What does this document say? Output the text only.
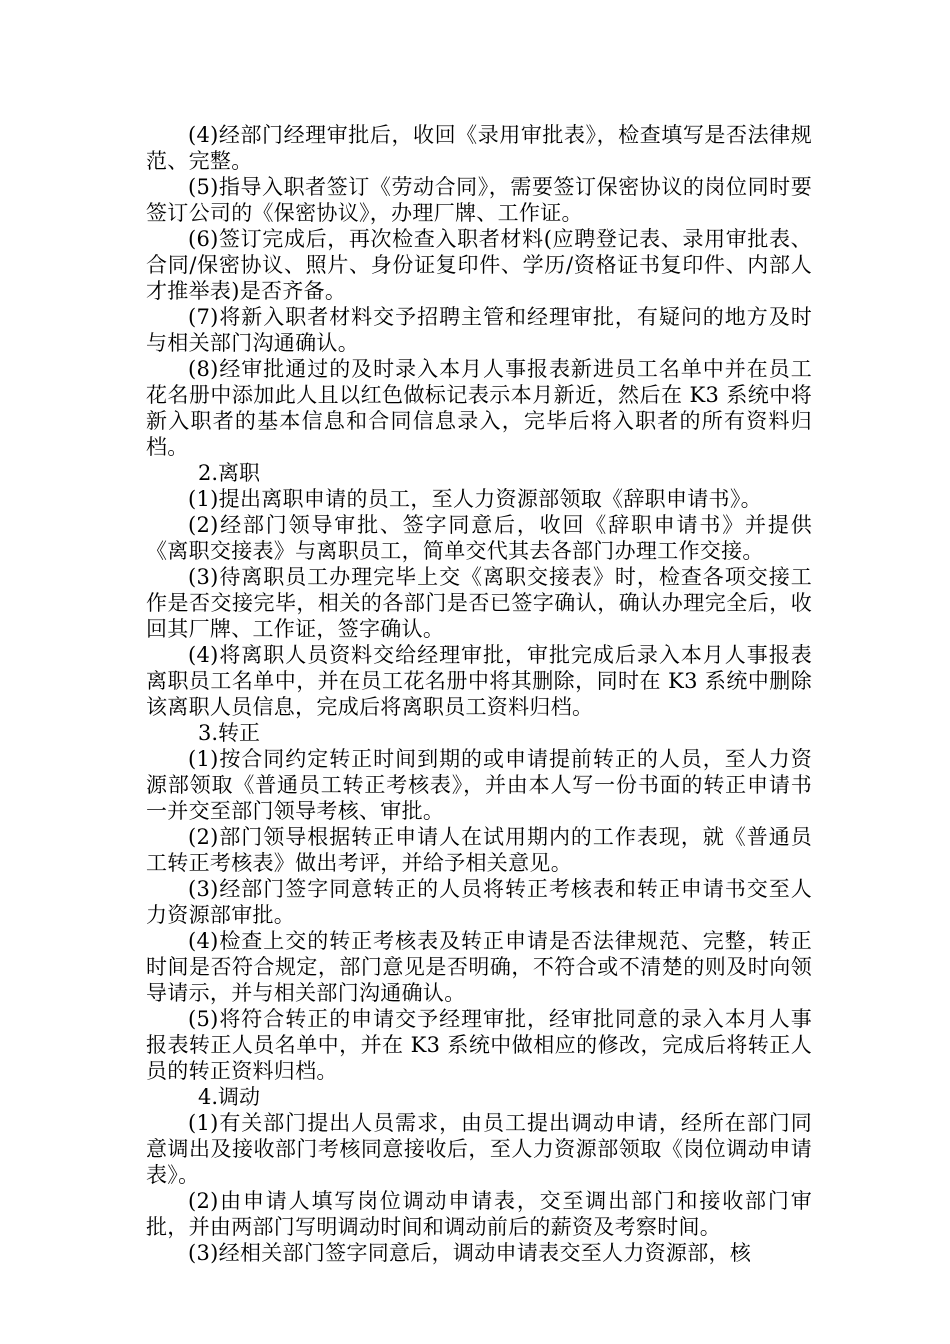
(4)经部门经理审批后，收回《录用审批表》，检查填写是否法律规范、完整。

(5)指导入职者签订《劳动合同》，需要签订保密协议的岗位同时要签订公司的《保密协议》，办理厂牌、工作证。

(6)签订完成后，再次检查入职者材料(应聘登记表、录用审批表、合同/保密协议、照片、身份证复印件、学历/资格证书复印件、内部人才推举表)是否齐备。

(7)将新入职者材料交予招聘主管和经理审批，有疑问的地方及时与相关部门沟通确认。

(8)经审批通过的及时录入本月人事报表新进员工名单中并在员工花名册中添加此人且以红色做标记表示本月新近，然后在 K3 系统中将新入职者的基本信息和合同信息录入，完毕后将入职者的所有资料归档。

2.离职

(1)提出离职申请的员工，至人力资源部领取《辞职申请书》。

(2)经部门领导审批、签字同意后，收回《辞职申请书》并提供《离职交接表》与离职员工，简单交代其去各部门办理工作交接。

(3)待离职员工办理完毕上交《离职交接表》时，检查各项交接工作是否交接完毕，相关的各部门是否已签字确认，确认办理完全后，收回其厂牌、工作证，签字确认。

(4)将离职人员资料交给经理审批，审批完成后录入本月人事报表离职员工名单中，并在员工花名册中将其删除，同时在 K3 系统中删除该离职人员信息，完成后将离职员工资料归档。

3.转正

(1)按合同约定转正时间到期的或申请提前转正的人员，至人力资源部领取《普通员工转正考核表》，并由本人写一份书面的转正申请书一并交至部门领导考核、审批。

(2)部门领导根据转正申请人在试用期内的工作表现，就《普通员工转正考核表》做出考评，并给予相关意见。

(3)经部门签字同意转正的人员将转正考核表和转正申请书交至人力资源部审批。

(4)检查上交的转正考核表及转正申请是否法律规范、完整，转正时间是否符合规定，部门意见是否明确，不符合或不清楚的则及时向领导请示，并与相关部门沟通确认。

(5)将符合转正的申请交予经理审批，经审批同意的录入本月人事报表转正人员名单中，并在 K3 系统中做相应的修改，完成后将转正人员的转正资料归档。

4.调动

(1)有关部门提出人员需求，由员工提出调动申请，经所在部门同意调出及接收部门考核同意接收后，至人力资源部领取《岗位调动申请表》。

(2)由申请人填写岗位调动申请表，交至调出部门和接收部门审批，并由两部门写明调动时间和调动前后的薪资及考察时间。

(3)经相关部门签字同意后，调动申请表交至人力资源部，核
